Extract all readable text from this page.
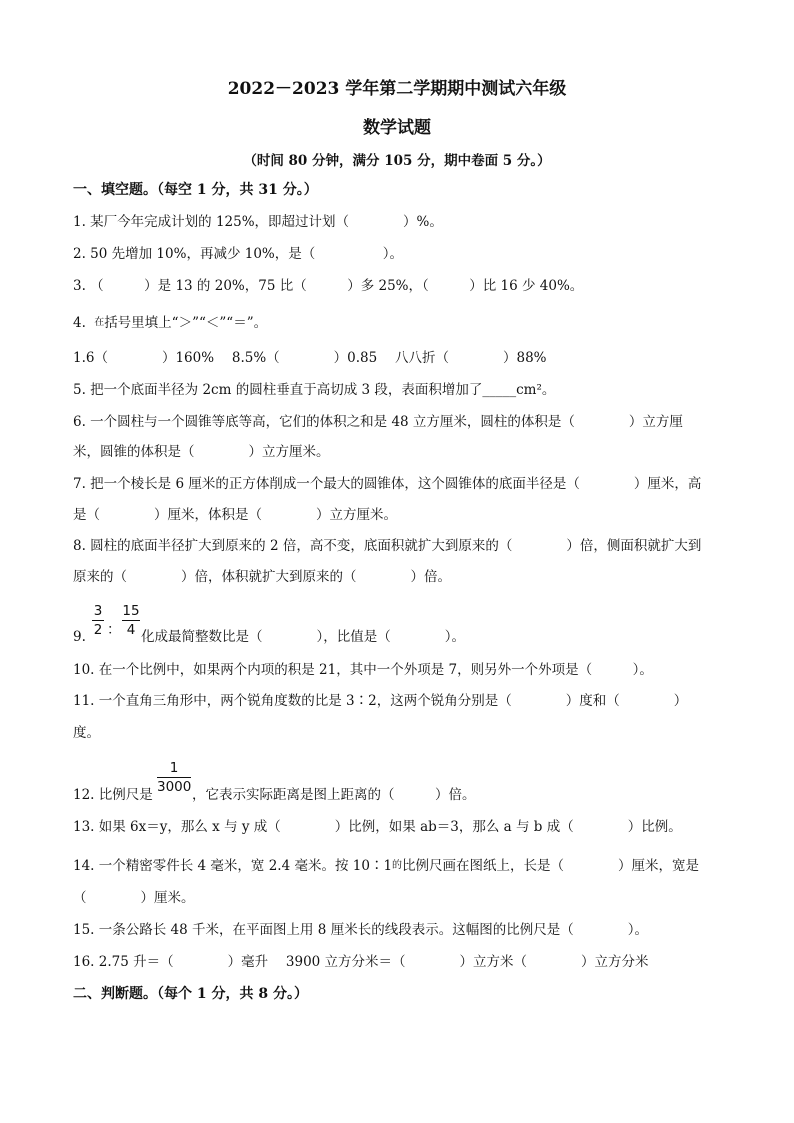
2022－2023 学年第二学期期中测试六年级
数学试题
（时间 80 分钟，满分 105 分，期中卷面 5 分。）
一、填空题。（每空 1 分，共 31 分。）
1. 某厂今年完成计划的 125%，即超过计划（　　　　）%。
2. 50 先增加 10%，再减少 10%，是（　　　　　）。
3. （　　　）是 13 的 20%，75 比（　　　）多 25%，（　　　）比 16 少 40%。
4. $^在$括号里填上“＞”“＜”“＝”。
1.6（　　　　）160%　 8.5%（　　　　）0.85　 八八折（　　　　）88%
5. 把一个底面半径为 2cm 的圆柱垂直于高切成 3 段，表面积增加了_____cm²。
6. 一个圆柱与一个圆锥等底等高，它们的体积之和是 48 立方厘米，圆柱的体积是（　　　　）立方厘
米，圆锥的体积是（　　　　）立方厘米。
7. 把一个棱长是 6 厘米的正方体削成一个最大的圆锥体，这个圆锥体的底面半径是（　　　　）厘米，高
是（　　　　）厘米，体积是（　　　　）立方厘米。
8. 圆柱的底面半径扩大到原来的 2 倍，高不变，底面积就扩大到原来的（　　　　）倍，侧面积就扩大到
原来的（　　　　）倍，体积就扩大到原来的（　　　　）倍。
3
2 ：
15
4
9.	化成最简整数比是（　　　　），比值是（　　　　）。
10. 在一个比例中，如果两个内项的积是 21，其中一个外项是 7，则另外一个外项是（　　　）。
11. 一个直角三角形中，两个锐角度数的比是 3∶2，这两个锐角分别是（　　　　）度和（　　　　）
度。
1
3000
12. 比例尺是	，它表示实际距离是图上距离的（　　　）倍。
13. 如果 6x＝y，那么 x 与 y 成（　　　　）比例，如果 ab＝3，那么 a 与 b 成（　　　　）比例。
14. 一个精密零件长 4 毫米，宽 2.4 毫米。按 $10∶1^的$比例尺画在图纸上，长是（　　　　）厘米，宽是
（　　　　）厘米。
15. 一条公路长 48 千米，在平面图上用 8 厘米长的线段表示。这幅图的比例尺是（　　　　）。
16. 2.75 升＝（　　　　）毫升　 3900 立方分米＝（　　　　）立方米（　　　　）立方分米
二、判断题。（每个 1 分，共 8 分。）
